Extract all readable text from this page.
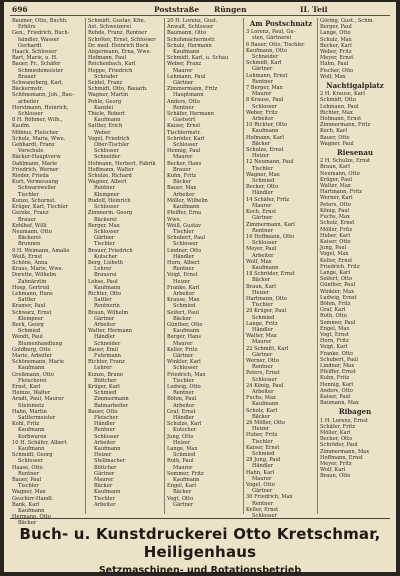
696	Poststraße Rüngen	II. Teil
Baumer, Otto, Buchh.
Erhörs
Gen., Friedrich, Buch-
händler, Wasser
Gerhardt
Haack, Schlosser
Bart, Marie, u. H.
Bauer, Fr., Schäfer
Schmiedemeister
Brauer
Schwaneberg, Karl,
Bäckermstr.
Schönemann, Joh., Bau-
arbeiter
Horstmann, Heinrich,
Schlosser
8 H. Röhmer, Wilh.,
Kaufm.
Möbius, Fleischer
Schulz, Maria, Wwe.
Gebhardt, Franz
Vorschule
Bäcker-Hauptverw.
Dahlmann, Marie
Friedrich, Werner
Rieder, Frieda
Kurt, Vermessung
Schwarzweller
Tischler
Kunze, Schornst.
Krüger, Karl, Tischler
Gerzke, Franz
Brauer
Kohlhof, Willi
Neumann, Otto
Bäckerei
Brunnen
9 H. Weimann, Amalie
Weiß, Ernst
Schöne, Anna
Kraus, Marie, Wwe.
Dorette, Wilhelm
Zahnärztin
Hosp, Gertrud
Lehmann, Hans
Sattler
Kramer, Paul
Schwarz, Ernst
Klempner
Beck, Georg
Schmied
Wendt, Paul
Blumenhandlung
Goldberg, Otto
Marie, Arbeiter
Schönemann, Marie
Kaufmann
Großmann, Otto
Fleischerei
Ernst, Karl
Heinze, Walter
Arndt, Paul, Maurer
Steinmetz
Hahn, Martin
Sattlermeister
Kohl, Fritz
Kaufmann
Korbwaren
10 H. Schäfer, Albert
Kaufmann
Schmidt, Georg
Schlosser
Haase, Otto
Rentner
Bauer, Paul
Tischler
Wagner, Max
Geschirr-Handl.
Bank, Karl
Kaufmann
Hermann, Otto
Bäcker
Schmidt, Gustav, Kfm.
Ast, Schweizerei
Rehde, Franz, Rentner
Schröter, Ernst, Schlosser
Dr. med. Heinrich Bock
Angermann, Erna, Wwe.
Hofmann, Paul
Reichenbach, Karl
Hoppe, Friedrich
Schrader
Seidel, Franz
Schmidt, Otto, Bauarb.
Wagner, Martin
Pohle, Georg
Kanzlei
Thiele, Robert
Kaufmann
Sattler, Erich
Weber
Vogel, Friedrich
Ober-Tischler
Schlosser
Schneider
Hofmann, Herbert, Fabrik
Hoffmann, Walter
Schulze, Richard
Wagner, Albert
Rentner
Klempner
Rudolf, Heinrich
Schlosser
Zimmerm. Georg
Bäckerei
Berger, Max
Schlosser
Gärtner
Tischler
Brauer, Friedrich
Kutscher
Berg, Lisbeth
Lehrer
Brauerei
Lohse, Paul
Kaufmann
Richter, Otto
Sattler
Rentnerin
Braun, Wilhelm
Gärtner
Arbeiter
Walter, Hermann
Händler
Schneider
Bauer, Emil
Fuhrmann
Richter, Franz
Lehrer
Kunze, Bruno
Böttcher
Krüger, Karl
Schmied
Zimmermann
Bahnarbeiter
Bauer, Otto
Fleischer
Händler
Rentner
Schlosser
Arbeiter
Kaufmann
Heizer
Stellmacher
Böttcher
Gärtner
Maurer
Bäcker
Kaufmann
Tischler
Arbeiter
20 H. Lorenz, Gust.
Anwalt, Schlosser
Baumann, Otto
Schuhmachermstr.
Schulz, Hermann
Kaufmann
Schmidt, Karl, u. Schau
Weber, Franz
Maurer
Lehmann, Paul
Gärtner
Zimmermann, Fritz
Hauptmann
Anders, Otto
Rentner
Schäfer, Hermann
Gastwirt
Kaiser, Ernst
Tischlermstr.
Schröder, Karl
Schlosser
Hennig, Paul
Maurer
Becker, Hans
Brauer
Kuhn, Fritz
Bäcker
Bauer, Max
Arbeiter
Möller, Wilhelm
Kaufmann
Pfeiffer, Erna
Wwe.
Weiß, Gustav
Tischler
Schubert, Paul
Schlosser
Lindner, Otto
Händler
Horn, Albert
Rentner
Voigt, Ernst
Heizer
Franke, Karl
Arbeiter
Krause, Max
Schmied
Seifert, Paul
Bäcker
Günther, Otto
Kaufmann
Berger, Hans
Maurer
Keller, Fritz
Gärtner
Winkler, Karl
Schlosser
Friedrich, Max
Tischler
Ludwig, Otto
Rentner
Böhm, Paul
Arbeiter
Graf, Ernst
Händler
Schulze, Karl
Kutscher
Jung, Otto
Heizer
Lange, Max
Schmied
Roth, Paul
Maurer
Sommer, Fritz
Kaufmann
Engel, Karl
Bäcker
Vogt, Otto
Gärtner
Am Postschnatz
3 Lorenz, Paul, Gu-
sten, Gärtnerei
6 Bauer, Otto, Tischler
Kaufmann, Otto
Schneider
Schmidt, Karl
Gärtner
Lehmann, Ernst
Rentner
7 Berger, Max
Maurer
8 Krause, Paul
Schlosser
Weber, Fritz
Arbeiter
10 Richter, Otto
Kaufmann
Hofmann, Karl
Bäcker
Schulze, Ernst
Heizer
12 Neumann, Paul
Tischler
Wagner, Max
Schmied
Becker, Otto
Händler
14 Schäfer, Fritz
Maurer
Koch, Ernst
Gärtner
Zimmermann, Karl
Rentner
16 Hoffmann, Otto
Schlosser
Meyer, Paul
Arbeiter
Wolf, Max
Kaufmann
18 Schröder, Ernst
Bäcker
Braun, Karl
Heizer
Hartmann, Otto
Tischler
20 Krüger, Paul
Schmied
Lange, Fritz
Händler
Walter, Max
Maurer
22 Schmitt, Karl
Gärtner
Werner, Otto
Rentner
Peters, Ernst
Schlosser
24 König, Paul
Arbeiter
Fuchs, Max
Kaufmann
Scholz, Karl
Bäcker
26 Möller, Otto
Heizer
Huber, Fritz
Tischler
Kaiser, Ernst
Schmied
28 Jung, Paul
Händler
Hahn, Karl
Maurer
Vogel, Otto
Gärtner
30 Friedrich, Max
Rentner
Keller, Ernst
Schlosser
Göring, Gust., Schm.
Berger, Paul
Lange, Otto
Schulz, Max
Becker, Karl
Weber, Fritz
Meyer, Ernst
Hahn, Paul
Fischer, Otto
Wolf, Max
Nachtigalplatz
2 H. Krause, Karl
Schmidt, Otto
Lehmann, Paul
Richter, Max
Hofmann, Ernst
Zimmermann, Fritz
Koch, Karl
Bauer, Otto
Wagner, Paul
Riesenau
2 H. Schulze, Ernst
Braun, Karl
Neumann, Otto
Krüger, Paul
Walter, Max
Hartmann, Fritz
Werner, Karl
Peters, Otto
König, Paul
Fuchs, Max
Scholz, Ernst
Möller, Fritz
Huber, Karl
Kaiser, Otto
Jung, Paul
Vogel, Max
Keller, Ernst
Friedrich, Fritz
Lange, Karl
Seifert, Otto
Günther, Paul
Winkler, Max
Ludwig, Ernst
Böhm, Fritz
Graf, Karl
Roth, Otto
Sommer, Paul
Engel, Max
Vogt, Ernst
Horn, Fritz
Voigt, Karl
Franke, Otto
Schubert, Paul
Lindner, Max
Pfeiffer, Ernst
Kuhn, Fritz
Hennig, Karl
Anders, Otto
Kaiser, Paul
Baumann, Max
Ribagen
1 H. Lorenz, Ernst
Schäfer, Fritz
Möller, Karl
Becker, Otto
Schröder, Paul
Zimmermann, Max
Hoffmann, Ernst
Meyer, Fritz
Wolf, Karl
Braun, Otto
Buch- u. Kunstdruckerei Otto Kretschmar, Heiligenhaus
Setzmaschinen- und Rotationsbetrieb
